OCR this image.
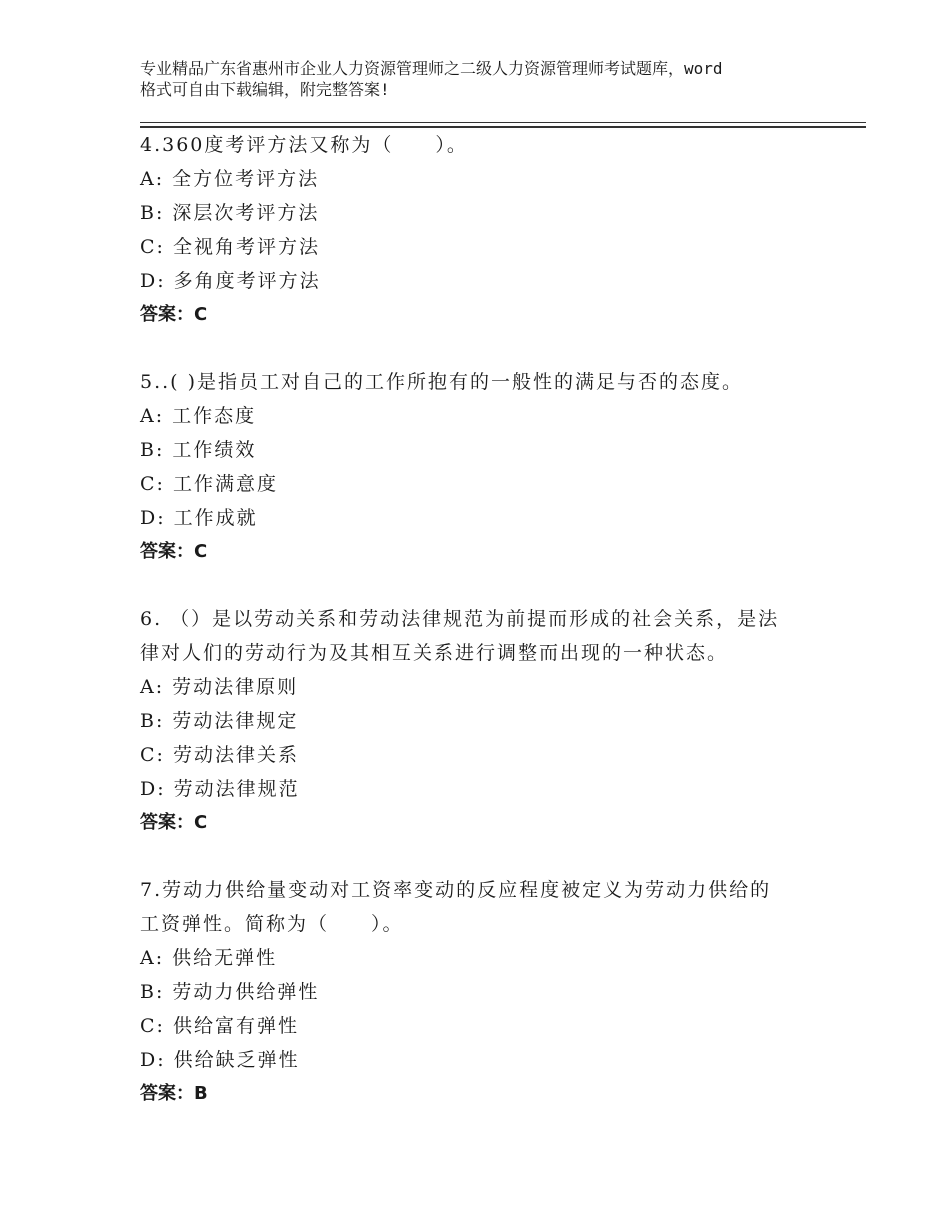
专业精品广东省惠州市企业人力资源管理师之二级人力资源管理师考试题库，word

格式可自由下载编辑，附完整答案!

4.360度考评方法又称为（　　）。
A: 全方位考评方法
B: 深层次考评方法
C: 全视角考评方法
D: 多角度考评方法
答案：C
5..( )是指员工对自己的工作所抱有的一般性的满足与否的态度。
A: 工作态度
B: 工作绩效
C: 工作满意度
D: 工作成就
答案：C
6. （）是以劳动关系和劳动法律规范为前提而形成的社会关系，是法
律对人们的劳动行为及其相互关系进行调整而出现的一种状态。
A: 劳动法律原则
B: 劳动法律规定
C: 劳动法律关系
D: 劳动法律规范
答案：C
7.劳动力供给量变动对工资率变动的反应程度被定义为劳动力供给的
工资弹性。简称为（　　）。
A: 供给无弹性
B: 劳动力供给弹性
C: 供给富有弹性
D: 供给缺乏弹性
答案：B
